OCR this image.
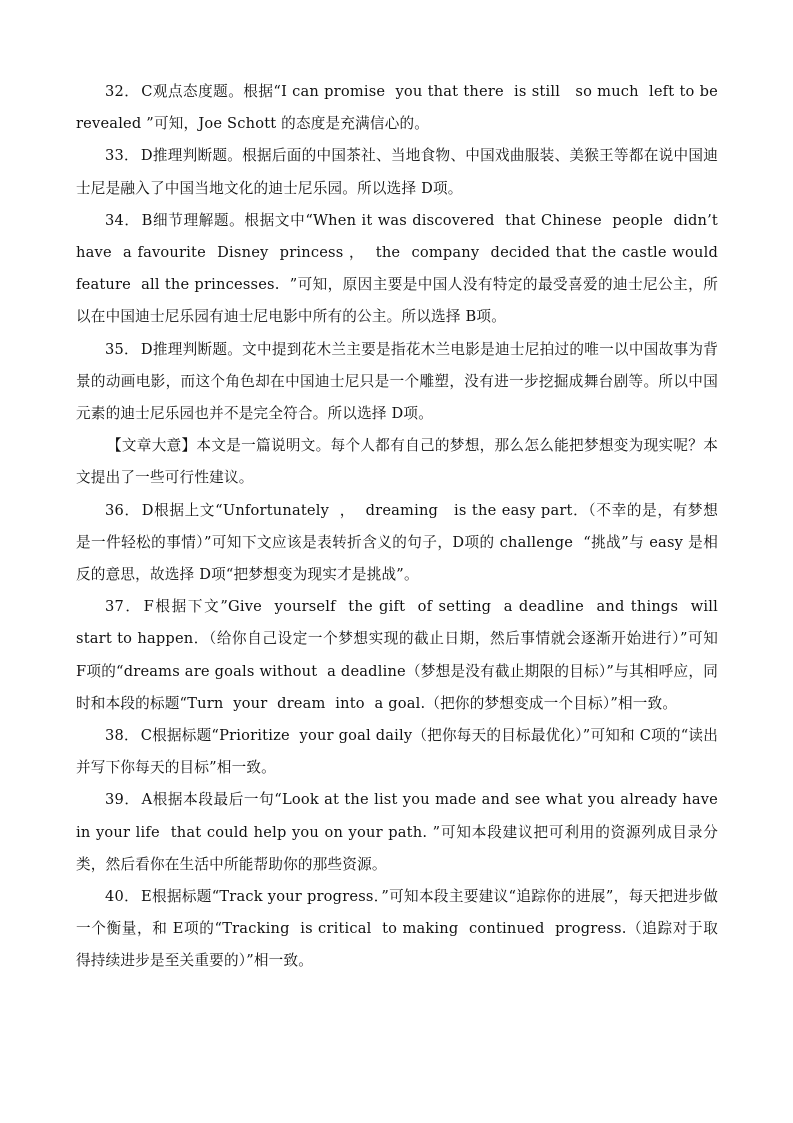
32． C观点态度题。根据“I can promise  you that there  is still   so much  left to be revealed ”可知，Joe Schott 的态度是充满信心的。

33． D推理判断题。根据后面的中国茶社、当地食物、中国戏曲服装、美猴王等都在说中国迪士尼是融入了中国当地文化的迪士尼乐园。所以选择 D项。

34． B细节理解题。根据文中“When it was discovered  that Chinese  people  didn’t have  a favourite  Disney  princess ，  the  company  decided that the castle would feature  all the princesses.  ”可知，原因主要是中国人没有特定的最受喜爱的迪士尼公主，所以在中国迪士尼乐园有迪士尼电影中所有的公主。所以选择 B项。

35． D推理判断题。文中提到花木兰主要是指花木兰电影是迪士尼拍过的唯一以中国故事为背景的动画电影，而这个角色却在中国迪士尼只是一个雕塑，没有进一步挖掘成舞台剧等。所以中国元素的迪士尼乐园也并不是完全符合。所以选择 D项。

【文章大意】本文是一篇说明文。每个人都有自己的梦想，那么怎么能把梦想变为现实呢？本文提出了一些可行性建议。

36． D根据上文“Unfortunately  ，  dreaming   is the easy part．（不幸的是，有梦想是一件轻松的事情）”可知下文应该是表转折含义的句子，D项的 challenge  “挑战”与 easy 是相反的意思，故选择 D项“把梦想变为现实才是挑战”。

37． F根据下文”Give  yourself  the gift  of setting  a deadline  and things  will  start to happen．（给你自己设定一个梦想实现的截止日期，然后事情就会逐渐开始进行）”可知 F项的“dreams are goals without  a deadline（梦想是没有截止期限的目标）”与其相呼应，同时和本段的标题“Turn  your  dream  into  a goal.（把你的梦想变成一个目标）”相一致。

38． C根据标题“Prioritize  your goal daily（把你每天的目标最优化）”可知和 C项的“读出并写下你每天的目标”相一致。

39． A根据本段最后一句“Look at the list you made and see what you already have in your life  that could help you on your path. ”可知本段建议把可利用的资源列成目录分类，然后看你在生活中所能帮助你的那些资源。

40． E根据标题“Track your progress．”可知本段主要建议“追踪你的进展”，每天把进步做一个衡量，和 E项的“Tracking  is critical  to making  continued  progress.（追踪对于取得持续进步是至关重要的）”相一致。
